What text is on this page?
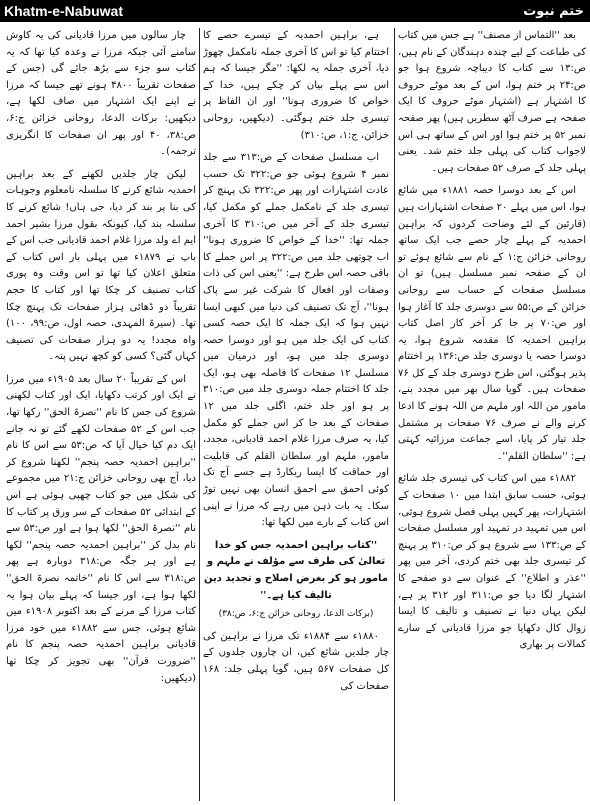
Khatm-e-Nabuwat	ختم نبوت

بعد ''التماس از مصنف'' ہے جس میں کتاب کی طباعت کے لیے چندہ دہندگان کے نام ہیں، ص:۱۳ سے کتاب کا دیباچہ شروع ہوا جو ص:۲۴ پر ختم ہوا، اس کے بعد موٹے حروف کا اشتہار ہے (اشتہار موٹے حروف کا ایک صفحہ ہے صرف آٹھ سطریں ہیں) پھر صفحہ نمبر ۵۲ پر ختم ہوا اور اس کے ساتھ ہی اس لاجواب کتاب کی پہلی جلد ختم شد۔ یعنی پہلی جلد کے صرف ۵۲ صفحات ہیں۔

اس کے بعد دوسرا حصہ ۱۸۸۱ء میں شائع ہوا، اس میں پہلے ۲۰ صفحات اشتہارات ہیں (قارئین کے لئے وضاحت کردوں کہ براہین احمدیہ کے پہلے چار حصے جب ایک ساتھ روحانی خزائن ج:۱ کے نام سے شائع ہوئے تو ان کے صفحہ نمبر مسلسل ہیں) تو ان مسلسل صفحات کے حساب سے روحانی خزائن کے ص:۵۵ سے دوسری جلد کا آغاز ہوا اور ص:۷۰ پر جا کر آخر کار اصل کتاب براہین احمدیہ کا مقدمہ شروع ہوا، یہ دوسرا حصہ یا دوسری جلد ص:۱۳۶ پر اختتام پذیر ہوگئی، اس طرح دوسری جلد کے کل ۷۶ صفحات ہیں۔ گویا سال بھر میں مجدد بنے، مامور من اللہ اور ملہم من اللہ ہونے کا ادعا کرنے والے نے صرف ۷۶ صفحات پر مشتمل جلد تیار کر پایا، اسے جماعت مرزائیہ کہتی ہے: ''سلطان القلم''۔

۱۸۸۲ء میں اس کتاب کی تیسری جلد شائع ہوئی، حسب سابق ابتدا میں ۱۰ صفحات کے اشتہارات، پھر کہیں پہلی فصل شروع ہوئی، اس میں تمہید در تمہید اور مسلسل صفحات کے ص:۱۳۳ سے شروع ہو کر ص:۳۱۰ پر پہنچ کر تیسری جلد بھی ختم کردی، آخر میں پھر ''عذر و اطلاع'' کے عنوان سے دو صفحے کا اشتہار لگا دیا جو ص:۳۱۱ اور ۳۱۲ پر ہے، لیکن یہاں دنیا نے تصنیف و تالیف کا ایسا زوال کال دکھایا جو مرزا قادیانی کے سارے کمالات پر بھاری

ہے، براہین احمدیہ کے تیسرے حصے کا اختتام کیا تو اس کا آخری جملہ نامکمل چھوڑ دیا، آخری جملہ یہ لکھا: ''مگر جیسا کہ ہم اس سے پہلے بیان کر چکے ہیں، خدا کے خواص کا ضروری ہونا'' اور ان الفاظ پر تیسری جلد ختم ہوگئی۔ (دیکھیں، روحانی خزائن، ج:۱، ص:۳۱۰)

اب مسلسل صفحات کے ص:۳۱۳ سے جلد نمبر ۴ شروع ہوئی جو ص:۳۲۲ تک حسب عادت اشتہارات اور پھر ص:۳۲۲ تک پہنچ کر تیسری جلد کے نامکمل جملے کو مکمل کیا، تیسری جلد کے آخر میں ص:۳۱۰ کا آخری جملہ تھا: ''خدا کے خواص کا ضروری ہونا'' اب چوتھی جلد میں ص:۳۲۲ پر اس جملے کا باقی حصہ اس طرح ہے: ''یعنی اس کی ذات وصفات اور افعال کا شرکت غیر سے پاک ہونا''، آج تک تصنیف کی دنیا میں کبھی ایسا نہیں ہوا کہ ایک جملہ کا ایک حصہ کسی کتاب کی ایک جلد میں ہو اور دوسرا حصہ دوسری جلد میں ہو، اور درمیان میں مسلسل ۱۲ صفحات کا فاصلہ بھی ہو، ایک جلد کا اختتام جملہ دوسری جلد میں ص:۳۱۰ پر ہو اور جلد ختم، اگلی جلد میں ۱۲ صفحات کے بعد جا کر اس جملے کو مکمل کیا، یہ صرف مرزا غلام احمد قادیانی، مجدد، مامور، ملہم اور سلطان القلم کی قابلیت اور حماقت کا ایسا ریکارڈ ہے جسے آج تک کوئی احمق سے احمق انسان بھی نہیں توڑ سکا۔ یہ بات ذہن میں رہے کہ مرزا نے اپنی اس کتاب کے بارے میں لکھا تھا:

''کتاب براہین احمدیہ جس کو خدا تعالیٰ کی طرف سے مؤلف نے ملہم و مامور ہو کر بغرض اصلاح و تجدید دین تالیف کیا ہے۔''
(برکات الدعا، روحانی خزائن ج:۶، ص:۳۸)

۱۸۸۰ء سے ۱۸۸۴ء تک مرزا نے براہین کی چار جلدیں شائع کیں، ان چاروں جلدوں کے کل صفحات ۵۶۷ ہیں، گویا پہلی جلد: ۱۶۸ صفحات کی

چار سالوں میں مرزا قادیانی کی یہ کاوش سامنے آئی جبکہ مرزا نے وعدہ کیا تھا کہ یہ کتاب سو جزء سے بڑھ جائے گی (جس کے صفحات تقریباً ۴۸۰۰ ہونے تھے جیسا کہ مرزا نے اپنے ایک اشتہار میں صاف لکھا ہے، دیکھیں: برکات الدعا، روحانی خزائن ج:۶، ص:۳۸، ۴۰ اور پھر ان صفحات کا انگریزی ترجمہ)۔

لیکن چار جلدیں لکھنے کے بعد براہین احمدیہ شائع کرنے کا سلسلہ نامعلوم وجوہات کی بنا پر بند کر دیا، جی ہاں! شائع کرنے کا سلسلہ بند کیا، کیونکہ بقول مرزا بشیر احمد ایم اے ولد مرزا غلام احمد قادیانی جب اس کے باپ نے ۱۸۷۹ء میں پہلی بار اس کتاب کے متعلق اعلان کیا تھا تو اس وقت وہ پوری کتاب تصنیف کر چکا تھا اور کتاب کا حجم تقریباً دو ڈھائی ہزار صفحات تک پہنچ چکا تھا۔ (سیرۃ المہدی، حصہ اول، ص:۹۹، ۱۰۰) واہ مجدد! یہ دو ہزار صفحات کی تصنیف کہاں گئی؟ کسی کو کچھ نہیں پتہ۔

اس کے تقریباً ۲۰ سال بعد ۱۹۰۵ء میں مرزا نے ایک اور کرتب دکھایا، ایک اور کتاب لکھنی شروع کی جس کا نام ''نصرۃ الحق'' رکھا تھا، جب اس کے ۵۲ صفحات لکھے گئے تو نہ جانے ایک دم کیا خیال آیا کہ ص:۵۳ سے اس کا نام ''براہین احمدیہ حصہ پنجم'' لکھنا شروع کر دیا، آج بھی روحانی خزائن ج:۲۱ میں مجموعے کی شکل میں جو کتاب چھپی ہوئی ہے اس کے ابتدائی ۵۲ صفحات کے سر ورق پر کتاب کا نام ''نصرۃ الحق'' لکھا ہوا ہے اور ص:۵۳ سے نام بدل کر ''براہین احمدیہ حصہ پنجم'' لکھا ہے اور ہر جگہ ص:۳۱۸ دوبارہ ہے پھر ص:۳۱۸ سے اس کا نام ''خاتمہ نصرۃ الحق'' لکھا ہوا ہے، اور جیسا کہ پہلے بیان ہوا یہ کتاب مرزا کے مرنے کے بعد اکتوبر ۱۹۰۸ء میں شائع ہوئی، جس سے ۱۸۸۲ء میں خود مرزا قادیانی براہین احمدیہ حصہ پنجم کا نام ''ضرورت قرآن'' بھی تجویز کر چکا تھا (دیکھیں:
